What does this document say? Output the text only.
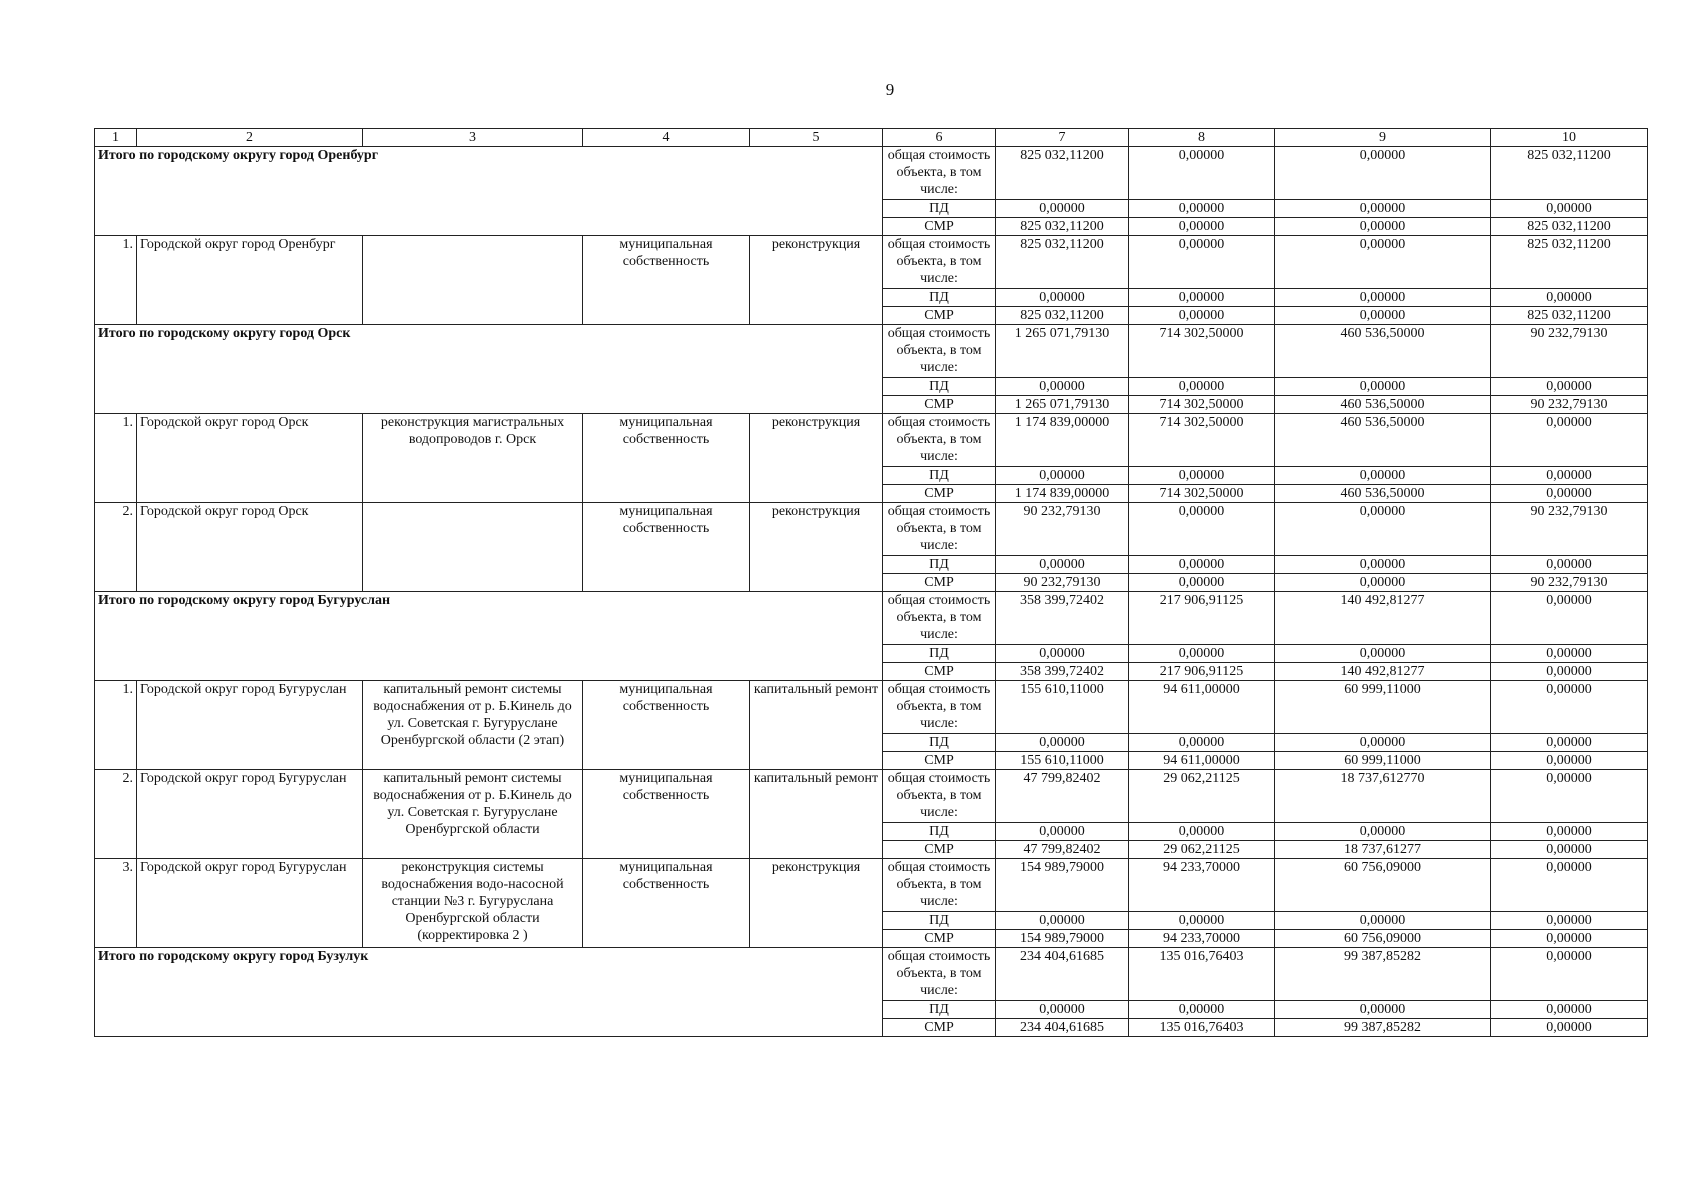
9
1	2	3	4	5	6	7	8	9	10
Итого по городскому округу город Оренбург					общая стоимость объекта, в том числе:	825 032,11200	0,00000	0,00000	825 032,11200
					ПД	0,00000	0,00000	0,00000	0,00000
					СМР	825 032,11200	0,00000	0,00000	825 032,11200
1.	Городской округ город Оренбург		муниципальная собственность	реконструкция	общая стоимость объекта, в том числе:	825 032,11200	0,00000	0,00000	825 032,11200
					ПД	0,00000	0,00000	0,00000	0,00000
					СМР	825 032,11200	0,00000	0,00000	825 032,11200
Итого по городскому округу город Орск					общая стоимость объекта, в том числе:	1 265 071,79130	714 302,50000	460 536,50000	90 232,79130
					ПД	0,00000	0,00000	0,00000	0,00000
					СМР	1 265 071,79130	714 302,50000	460 536,50000	90 232,79130
1.	Городской округ город Орск	реконструкция магистральных водопроводов г. Орск	муниципальная собственность	реконструкция	общая стоимость объекта, в том числе:	1 174 839,00000	714 302,50000	460 536,50000	0,00000
					ПД	0,00000	0,00000	0,00000	0,00000
					СМР	1 174 839,00000	714 302,50000	460 536,50000	0,00000
2.	Городской округ город Орск		муниципальная собственность	реконструкция	общая стоимость объекта, в том числе:	90 232,79130	0,00000	0,00000	90 232,79130
					ПД	0,00000	0,00000	0,00000	0,00000
					СМР	90 232,79130	0,00000	0,00000	90 232,79130
Итого по городскому округу город Бугуруслан					общая стоимость объекта, в том числе:	358 399,72402	217 906,91125	140 492,81277	0,00000
					ПД	0,00000	0,00000	0,00000	0,00000
					СМР	358 399,72402	217 906,91125	140 492,81277	0,00000
1.	Городской округ город Бугуруслан	капитальный ремонт системы водоснабжения от р. Б.Кинель до ул. Советская г. Бугуруслане Оренбургской области (2 этап)	муниципальная собственность	капитальный ремонт	общая стоимость объекта, в том числе:	155 610,11000	94 611,00000	60 999,11000	0,00000
					ПД	0,00000	0,00000	0,00000	0,00000
					СМР	155 610,11000	94 611,00000	60 999,11000	0,00000
2.	Городской округ город Бугуруслан	капитальный ремонт системы водоснабжения от р. Б.Кинель до ул. Советская г. Бугуруслане Оренбургской области	муниципальная собственность	капитальный ремонт	общая стоимость объекта, в том числе:	47 799,82402	29 062,21125	18 737,612770	0,00000
					ПД	0,00000	0,00000	0,00000	0,00000
					СМР	47 799,82402	29 062,21125	18 737,61277	0,00000
3.	Городской округ город Бугуруслан	реконструкция системы водоснабжения водо-насосной станции №3 г. Бугуруслана Оренбургской области (корректировка 2 )	муниципальная собственность	реконструкция	общая стоимость объекта, в том числе:	154 989,79000	94 233,70000	60 756,09000	0,00000
					ПД	0,00000	0,00000	0,00000	0,00000
					СМР	154 989,79000	94 233,70000	60 756,09000	0,00000
Итого по городскому округу город Бузулук					общая стоимость объекта, в том числе:	234 404,61685	135 016,76403	99 387,85282	0,00000
					ПД	0,00000	0,00000	0,00000	0,00000
					СМР	234 404,61685	135 016,76403	99 387,85282	0,00000
